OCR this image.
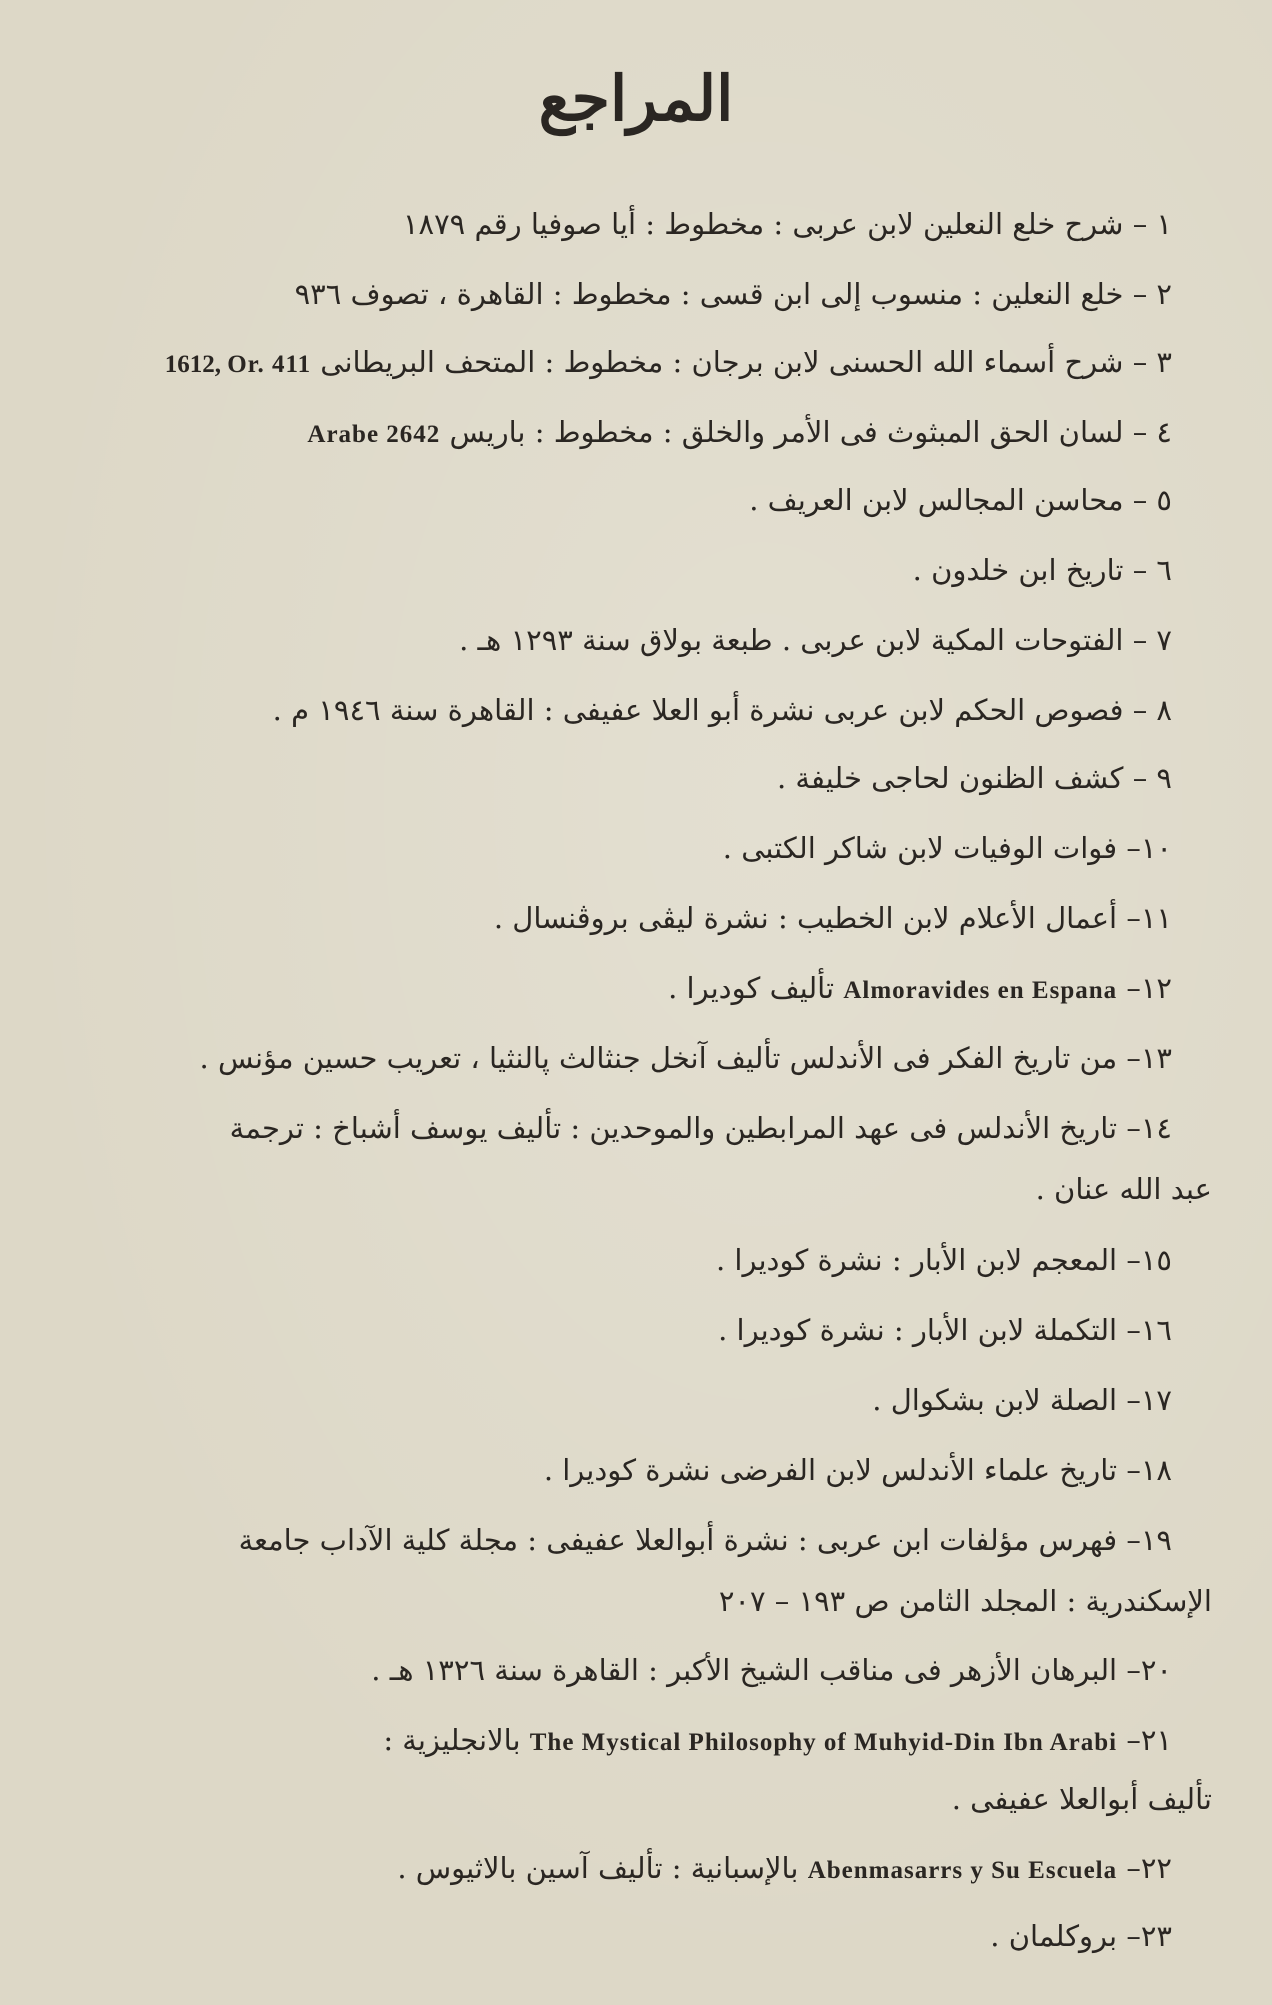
المراجع
١ – شرح خلع النعلين لابن عربى : مخطوط : أيا صوفيا رقم ١٨٧٩
٢ – خلع النعلين : منسوب إلى ابن قسى : مخطوط : القاهرة ، تصوف ٩٣٦
٣ – شرح أسماء الله الحسنى لابن برجان : مخطوط : المتحف البريطانى 1612, Or. 411
٤ – لسان الحق المبثوث فى الأمر والخلق : مخطوط : باريس Arabe 2642
٥ – محاسن المجالس لابن العريف .
٦ – تاريخ ابن خلدون .
٧ – الفتوحات المكية لابن عربى . طبعة بولاق سنة ١٢٩٣ هـ .
٨ – فصوص الحكم لابن عربى نشرة أبو العلا عفيفى : القاهرة سنة ١٩٤٦ م .
٩ – كشف الظنون لحاجى خليفة .
١٠– فوات الوفيات لابن شاكر الكتبى .
١١– أعمال الأعلام لابن الخطيب : نشرة ليڤى بروڤنسال .
١٢– Almoravides en Espana تأليف كوديرا .
١٣– من تاريخ الفكر فى الأندلس تأليف آنخل جنثالث پالنثيا ، تعريب حسين مؤنس .
١٤– تاريخ الأندلس فى عهد المرابطين والموحدين : تأليف يوسف أشباخ : ترجمة
عبد الله عنان .
١٥– المعجم لابن الأبار : نشرة كوديرا .
١٦– التكملة لابن الأبار : نشرة كوديرا .
١٧– الصلة لابن بشكوال .
١٨– تاريخ علماء الأندلس لابن الفرضى نشرة كوديرا .
١٩– فهرس مؤلفات ابن عربى : نشرة أبوالعلا عفيفى : مجلة كلية الآداب جامعة
الإسكندرية : المجلد الثامن ص ١٩٣ – ٢٠٧
٢٠– البرهان الأزهر فى مناقب الشيخ الأكبر : القاهرة سنة ١٣٢٦ هـ .
٢١– The Mystical Philosophy of Muhyid-Din Ibn Arabi بالانجليزية :
تأليف أبوالعلا عفيفى .
٢٢– Abenmasarrs y Su Escuela بالإسبانية : تأليف آسين بالاثيوس .
٢٣– بروكلمان .
